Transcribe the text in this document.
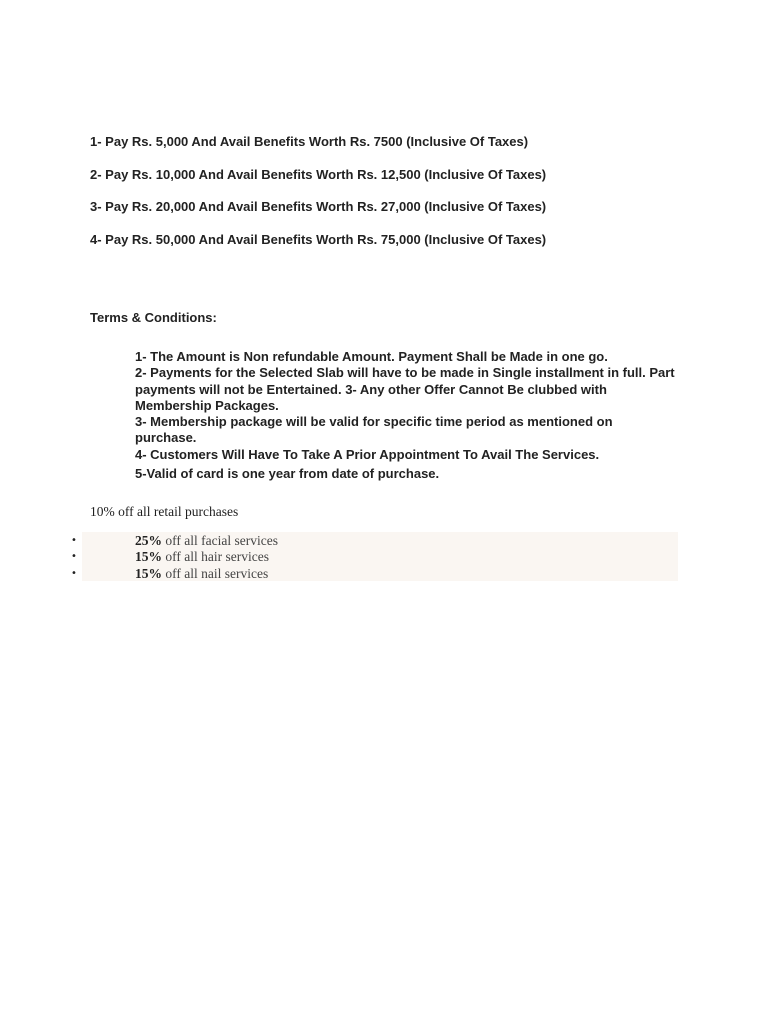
1- Pay Rs. 5,000 And Avail Benefits Worth Rs. 7500 (Inclusive Of Taxes)
2- Pay Rs. 10,000 And Avail Benefits Worth Rs. 12,500 (Inclusive Of Taxes)
3- Pay Rs. 20,000 And Avail Benefits Worth Rs. 27,000 (Inclusive Of Taxes)
4- Pay Rs. 50,000 And Avail Benefits Worth Rs. 75,000 (Inclusive Of Taxes)
Terms & Conditions:
1- The Amount is Non refundable Amount. Payment Shall be Made in one go.
2- Payments for the Selected Slab will have to be made in Single installment in full. Part payments will not be Entertained. 3- Any other Offer Cannot Be clubbed with Membership Packages.
3- Membership package will be valid for specific time period as mentioned on purchase.
4- Customers Will Have To Take A Prior Appointment To Avail The Services.
5-Valid of card is one year from date of purchase.
10% off all retail purchases
•	25% off all facial services
•	15% off all hair services
•	15% off all nail services
